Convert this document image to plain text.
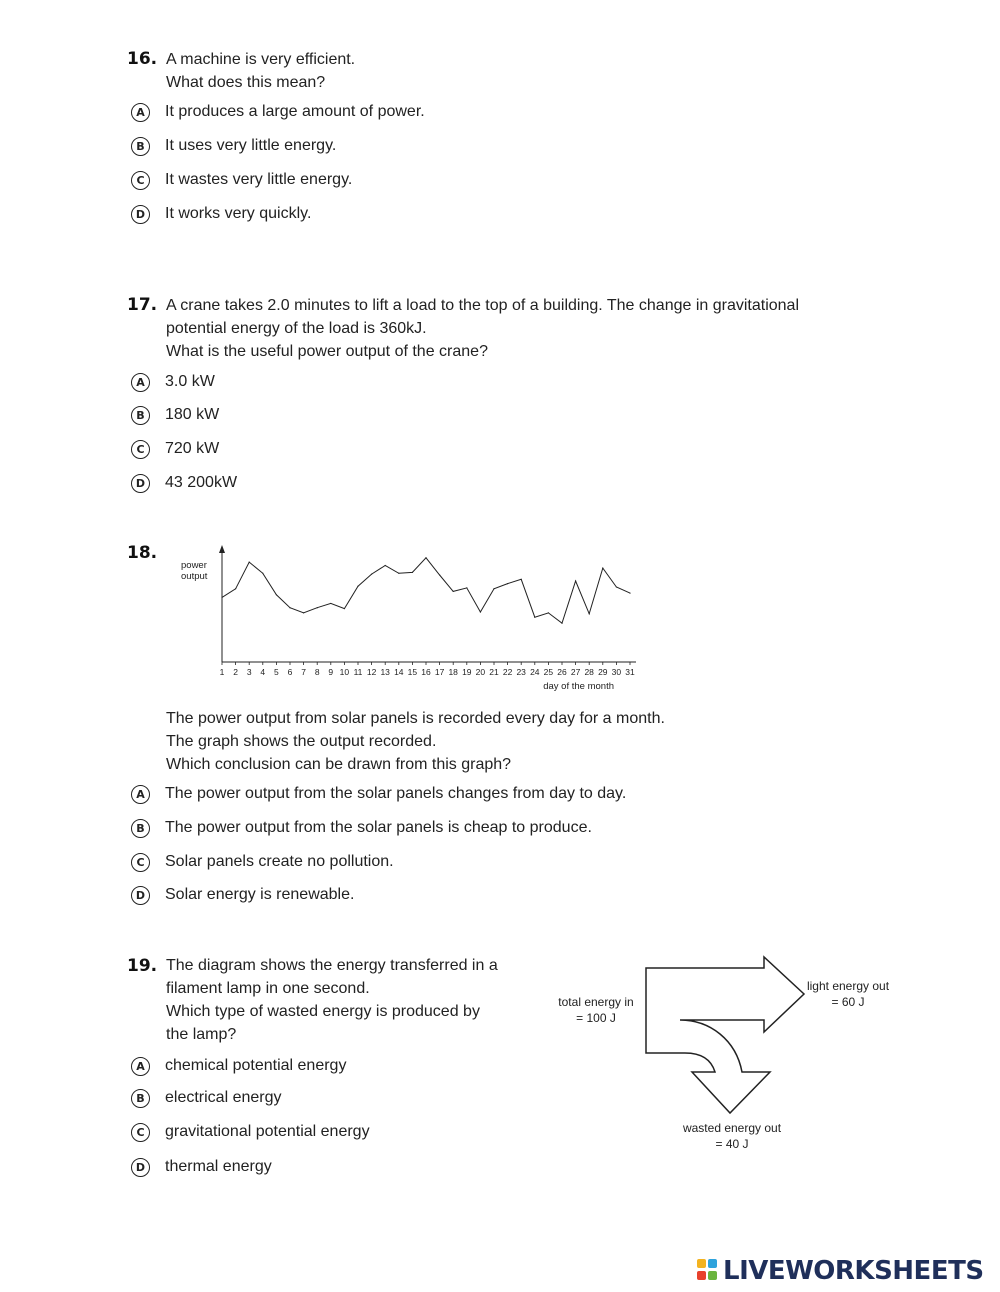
16. A machine is very efficient.
What does this mean?
A	It produces a large amount of power.
B	It uses very little energy.
C	It wastes very little energy.
D	It works very quickly.
17. A crane takes 2.0 minutes to lift a load to the top of a building. The change in gravitational
potential energy of the load is 360kJ.
What is the useful power output of the crane?
A	3.0 kW
B	180 kW
C	720 kW
D	43 200kW
18.
power
output
1 2 3 4 5 6 7 8 9 10 11 12 13 14 15 16 17 18 19 20 21 22 23 24 25 26 27 28 29 30 31
day of the month
The power output from solar panels is recorded every day for a month.
The graph shows the output recorded.
Which conclusion can be drawn from this graph?
A	The power output from the solar panels changes from day to day.
B	The power output from the solar panels is cheap to produce.
C	Solar panels create no pollution.
D	Solar energy is renewable.
19. The diagram shows the energy transferred in a
filament lamp in one second.
Which type of wasted energy is produced by
the lamp?
A	chemical potential energy
B	electrical energy
C	gravitational potential energy
D	thermal energy
total energy in
= 100 J
light energy out
= 60 J
wasted energy out
= 40 J
LIVEWORKSHEETS
